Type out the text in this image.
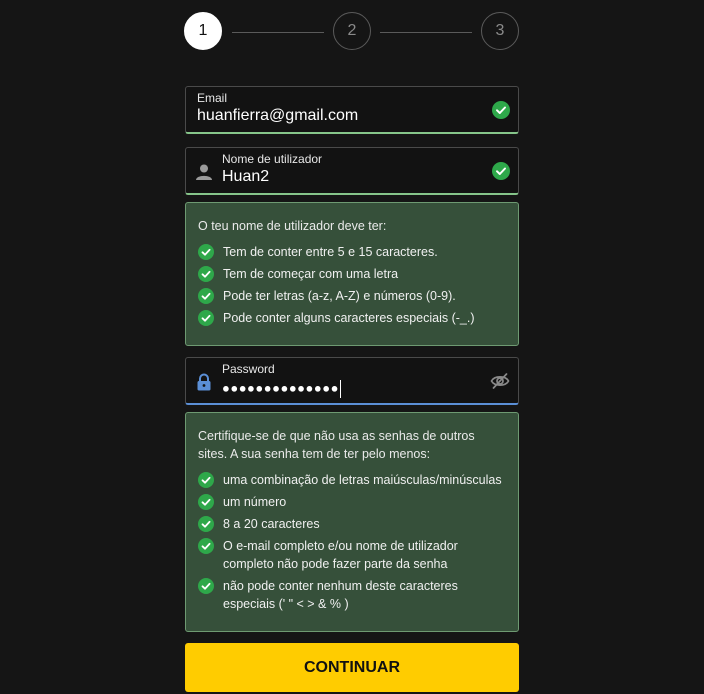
1	2	3
Email
huanfierra@gmail.com
Nome de utilizador
Huan2
O teu nome de utilizador deve ter:
Tem de conter entre 5 e 15 caracteres.
Tem de começar com uma letra
Pode ter letras (a-z, A-Z) e números (0-9).
Pode conter alguns caracteres especiais (-_.)
Password
●●●●●●●●●●●●●●
Certifique-se de que não usa as senhas de outros sites. A sua senha tem de ter pelo menos:
uma combinação de letras maiúsculas/minúsculas
um número
8 a 20 caracteres
O e-mail completo e/ou nome de utilizador completo não pode fazer parte da senha
não pode conter nenhum deste caracteres especiais (' " < > & % )
CONTINUAR
